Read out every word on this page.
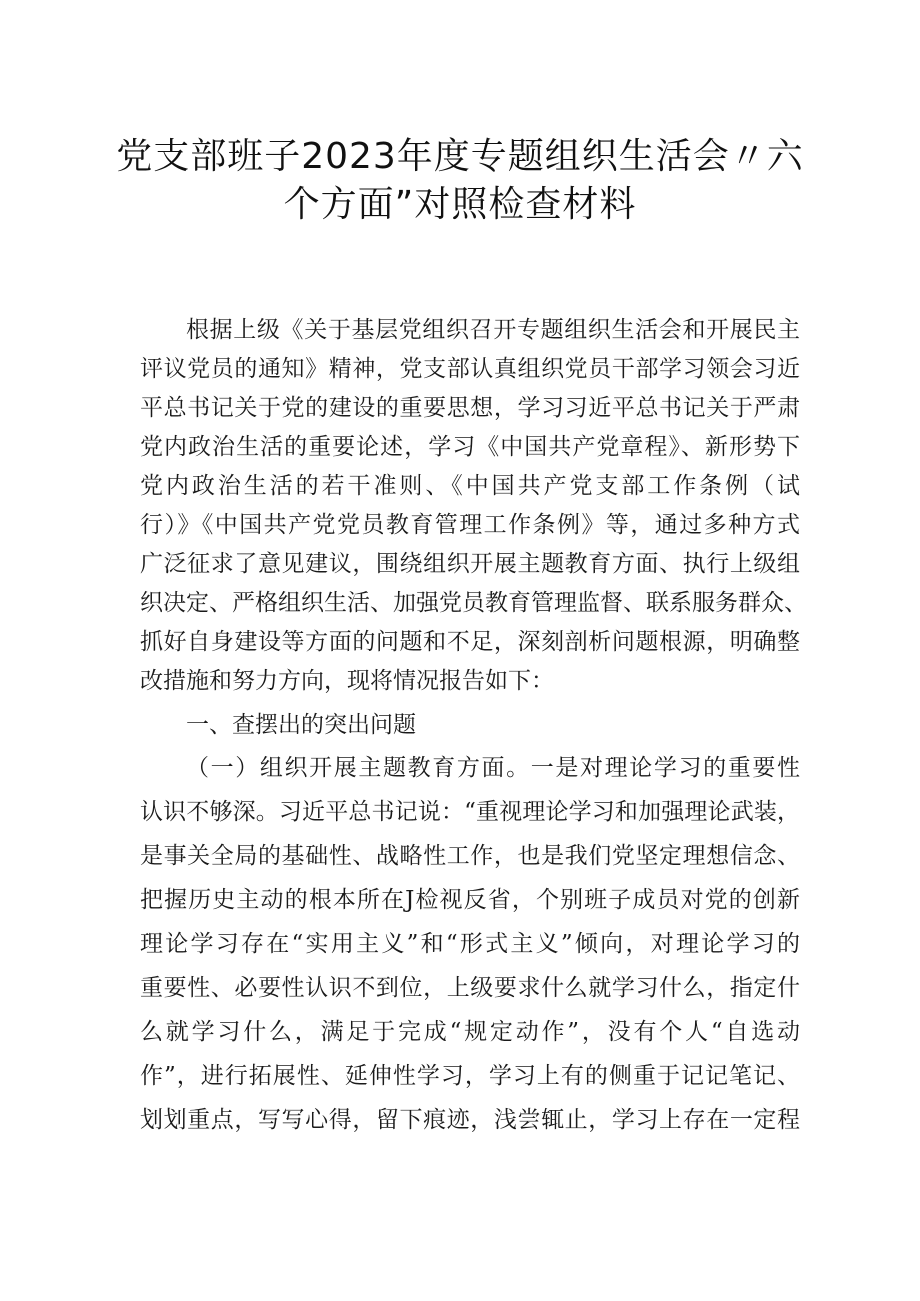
党支部班子2023年度专题组织生活会〃六
个方面”对照检查材料
根据上级《关于基层党组织召开专题组织生活会和开展民主
评议党员的通知》精神，党支部认真组织党员干部学习领会习近
平总书记关于党的建设的重要思想，学习习近平总书记关于严肃
党内政治生活的重要论述，学习《中国共产党章程》、新形势下
党内政治生活的若干准则、《中国共产党支部工作条例（试
行）》《中国共产党党员教育管理工作条例》等，通过多种方式
广泛征求了意见建议，围绕组织开展主题教育方面、执行上级组
织决定、严格组织生活、加强党员教育管理监督、联系服务群众、
抓好自身建设等方面的问题和不足，深刻剖析问题根源，明确整
改措施和努力方向，现将情况报告如下：
一、查摆出的突出问题
（一）组织开展主题教育方面。一是对理论学习的重要性
认识不够深。习近平总书记说：“重视理论学习和加强理论武装，
是事关全局的基础性、战略性工作，也是我们党坚定理想信念、
把握历史主动的根本所在J检视反省，个别班子成员对党的创新
理论学习存在“实用主义”和“形式主义”倾向，对理论学习的
重要性、必要性认识不到位，上级要求什么就学习什么，指定什
么就学习什么，满足于完成“规定动作”，没有个人“自选动
作”，进行拓展性、延伸性学习，学习上有的侧重于记记笔记、
划划重点，写写心得，留下痕迹，浅尝辄止，学习上存在一定程
